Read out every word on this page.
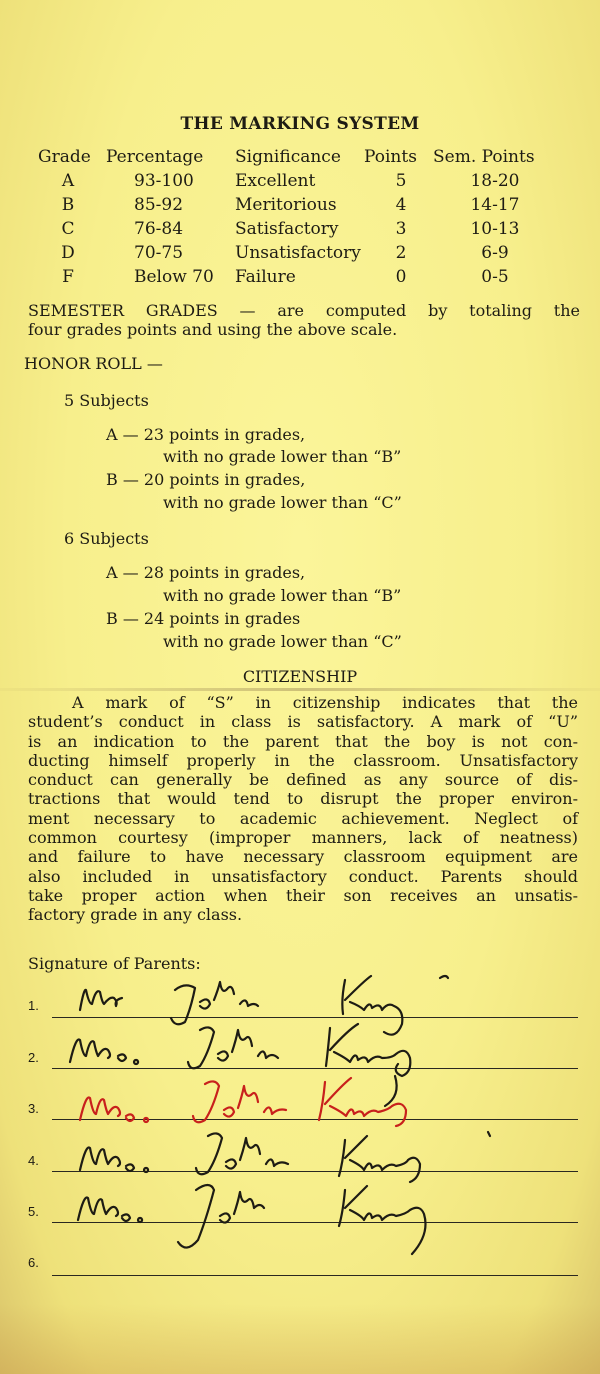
THE MARKING SYSTEM
Grade Percentage Significance Points Sem. Points
A	93-100 Excellent	5	18-20
B	85-92	Meritorious	4	14-17
C	76-84	Satisfactory	3	10-13
D	70-75	Unsatisfactory	2	6-9
F	Below 70 Failure	0	0-5
SEMESTER GRADES — are computed by totaling the
four grades points and using the above scale.
HONOR ROLL —
5 Subjects
A — 23 points in grades,
with no grade lower than “B”
B — 20 points in grades,
with no grade lower than “C”
6 Subjects
A — 28 points in grades,
with no grade lower than “B”
B — 24 points in grades
with no grade lower than “C”
CITIZENSHIP
A mark of “S” in citizenship indicates that the
student’s conduct in class is satisfactory. A mark of “U”
is an indication to the parent that the boy is not con-
ducting himself properly in the classroom. Unsatisfactory
conduct can generally be defined as any source of dis-
tractions that would tend to disrupt the proper environ-
ment necessary to academic achievement. Neglect of
common courtesy (improper manners, lack of neatness)
and failure to have necessary classroom equipment are
also included in unsatisfactory conduct. Parents should
take proper action when their son receives an unsatis-
factory grade in any class.
Signature of Parents:
1.
2.
3.
4.
5.
6.
